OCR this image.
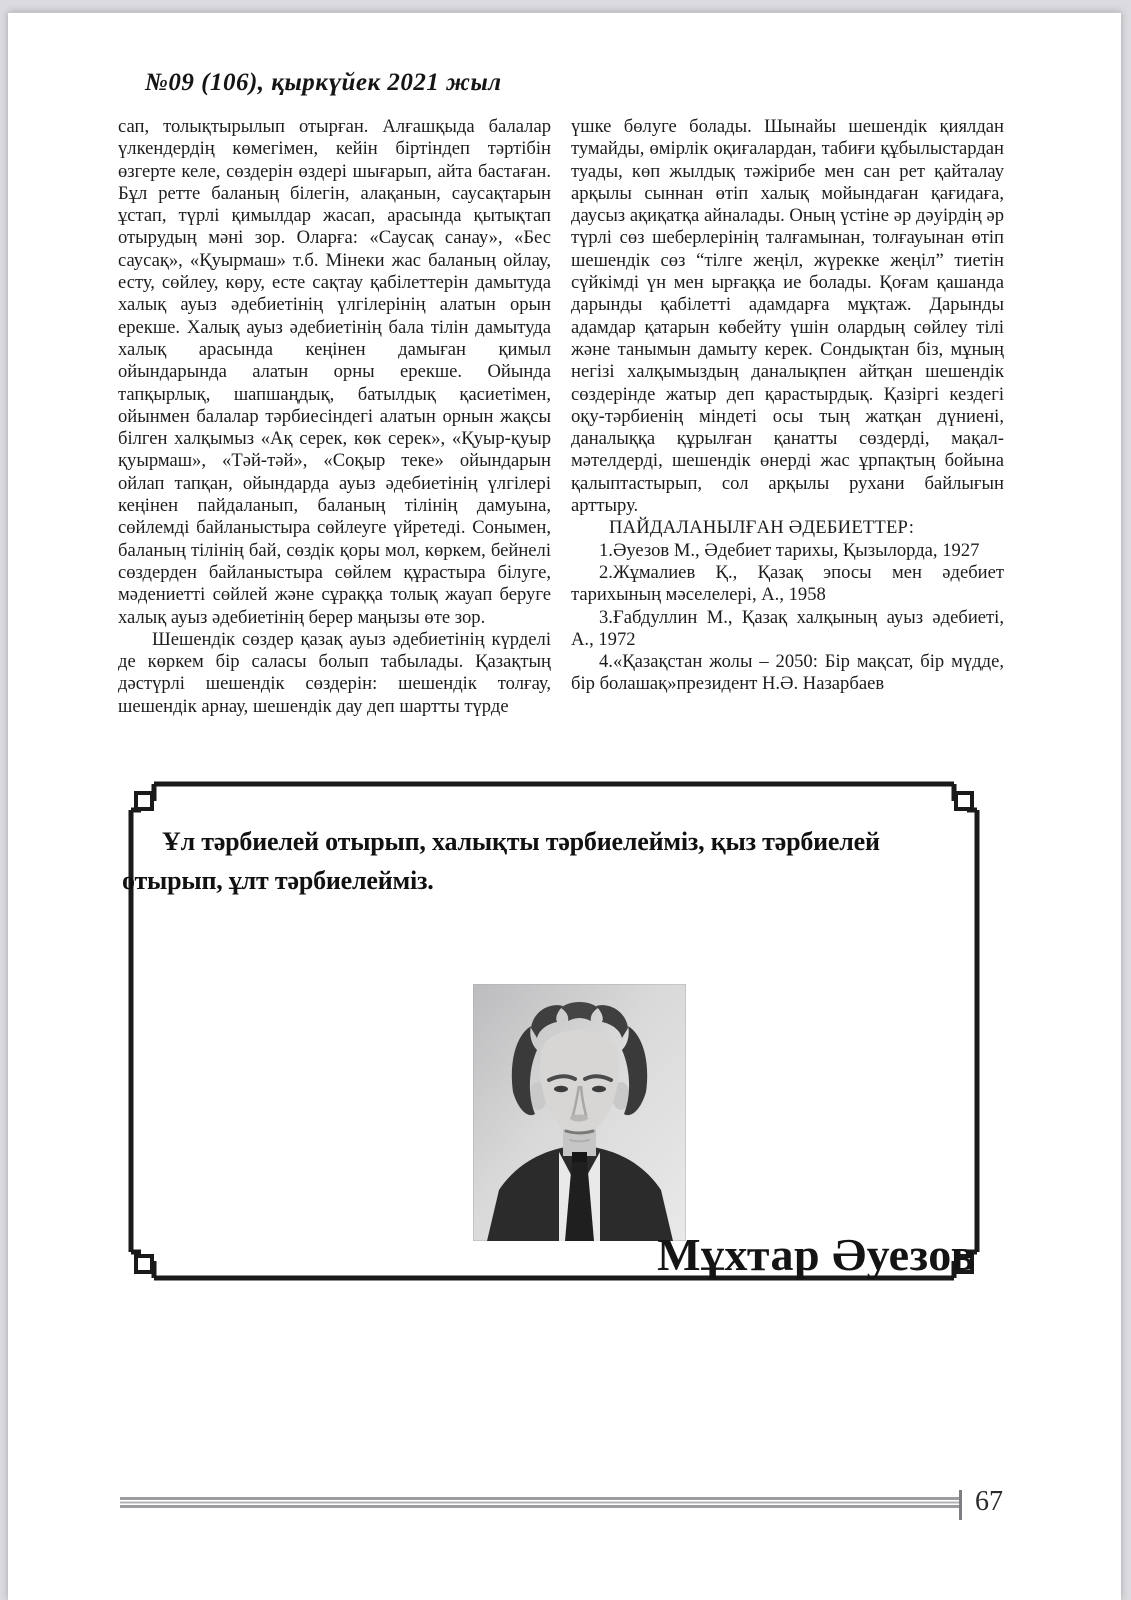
№09 (106), қыркүйек 2021 жыл

сап, толықтырылып отырған. Алғашқыда балалар үлкендердің көмегімен, кейін біртіндеп тәртібін өзгерте келе, сөздерін өздері шығарып, айта бастаған. Бұл ретте баланың білегін, алақанын, саусақтарын ұстап, түрлі қимылдар жасап, арасында қытықтап отырудың мәні зор. Оларға: «Саусақ санау», «Бес саусақ», «Қуырмаш» т.б. Мінеки жас баланың ойлау, есту, сөйлеу, көру, есте сақтау қабілеттерін дамытуда халық ауыз әдебиетінің үлгілерінің алатын орын ерекше. Халық ауыз әдебиетінің бала тілін дамытуда халық арасында кеңінен дамыған қимыл ойындарында алатын орны ерекше. Ойында тапқырлық, шапшаңдық, батылдық қасиетімен, ойынмен балалар тәрбиесіндегі алатын орнын жақсы білген халқымыз «Ақ серек, көк серек», «Қуыр-қуыр қуырмаш», «Тәй-тәй», «Соқыр теке» ойындарын ойлап тапқан, ойындарда ауыз әдебиетінің үлгілері кеңінен пайдаланып, баланың тілінің дамуына, сөйлемді байланыстыра сөйлеуге үйретеді. Сонымен, баланың тілінің бай, сөздік қоры мол, көркем, бейнелі сөздерден байланыстыра сөйлем құрастыра білуге, мәдениетті сөйлей және сұраққа толық жауап беруге халық ауыз әдебиетінің берер маңызы өте зор.

Шешендік сөздер қазақ ауыз әдебиетінің күрделі де көркем бір саласы болып табылады. Қазақтың дәстүрлі шешендік сөздерін: шешендік толғау, шешендік арнау, шешендік дау деп шартты түрде

үшке бөлуге болады. Шынайы шешендік қиялдан тумайды, өмірлік оқиғалардан, табиғи құбылыстардан туады, көп жылдық тәжірибе мен сан рет қайталау арқылы сыннан өтіп халық мойындаған қағидаға, даусыз ақиқатқа айналады. Оның үстіне әр дәуірдің әр түрлі сөз шеберлерінің талғамынан, толғауынан өтіп шешендік сөз “тілге жеңіл, жүрекке жеңіл” тиетін сүйкімді үн мен ырғаққа ие болады. Қоғам қашанда дарынды қабілетті адамдарға мұқтаж. Дарынды адамдар қатарын көбейту үшін олардың сөйлеу тілі және танымын дамыту керек. Сондықтан біз, мұның негізі халқымыздың даналықпен айтқан шешендік сөздерінде жатыр деп қарастырдық. Қазіргі кездегі оқу-тәрбиенің міндеті осы тың жатқан дүниені, даналыққа құрылған қанатты сөздерді, мақал-мәтелдерді, шешендік өнерді жас ұрпақтың бойына қалыптастырып, сол арқылы рухани байлығын арттыру.

ПАЙДАЛАНЫЛҒАН ӘДЕБИЕТТЕР:

1.Әуезов М., Әдебиет тарихы, Қызылорда, 1927

2.Жұмалиев Қ., Қазақ эпосы мен әдебиет тарихының мәселелері, А., 1958

3.Ғабдуллин М., Қазақ халқының ауыз әдебиеті, А., 1972

4.«Қазақстан жолы – 2050: Бір мақсат, бір мүдде, бір болашақ»президент Н.Ә. Назарбаев

Ұл тәрбиелей отырып, халықты тәрбиелейміз, қыз тәрбиелей отырып, ұлт тәрбиелейміз.
Мұхтар Әуезов
67
